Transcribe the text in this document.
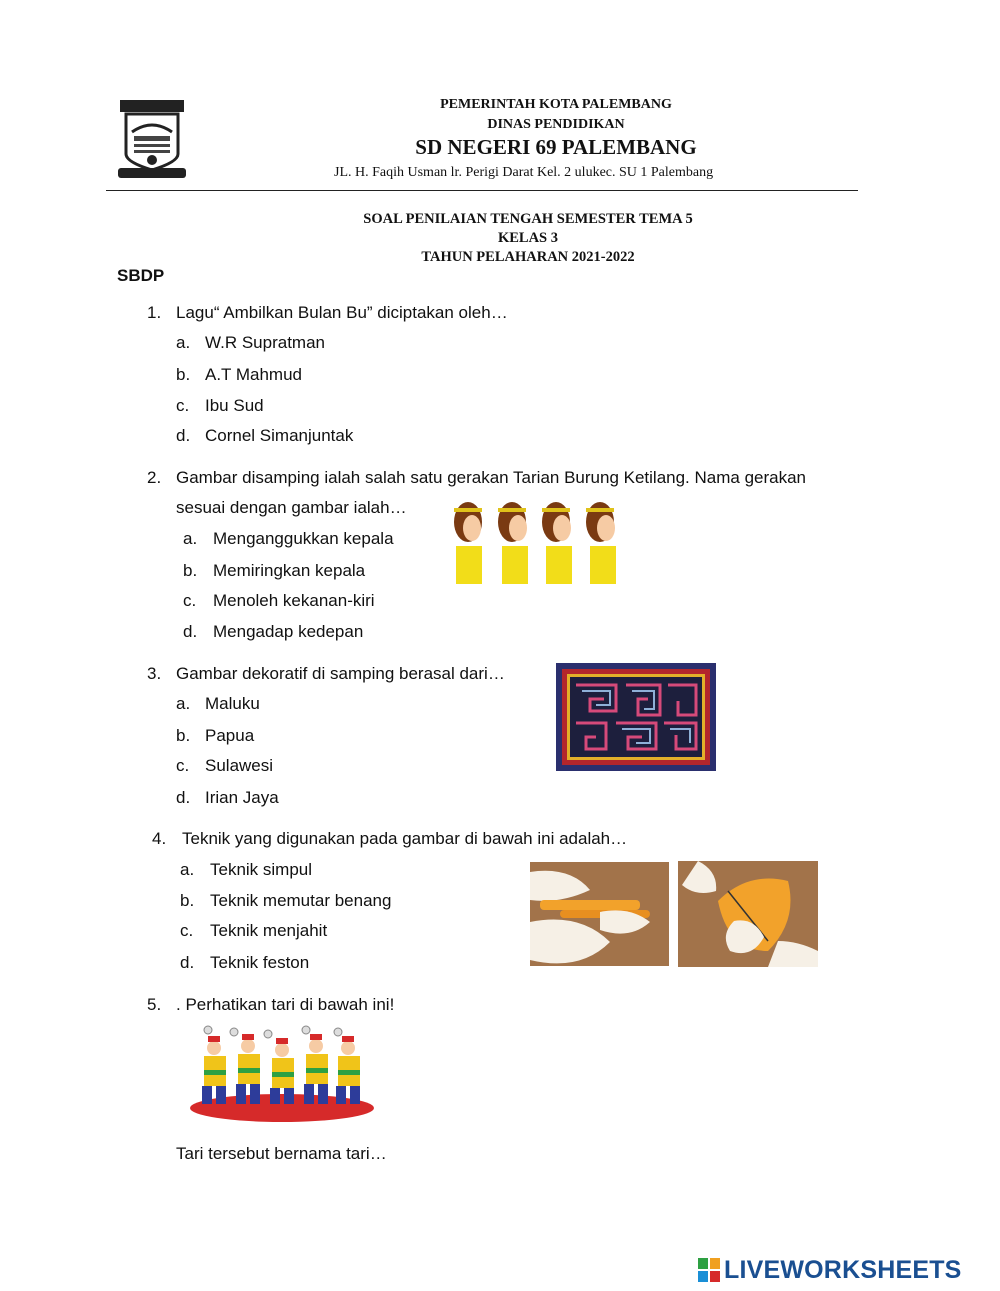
PEMERINTAH KOTA PALEMBANG
DINAS PENDIDIKAN
SD NEGERI 69 PALEMBANG
JL. H. Faqih Usman lr. Perigi Darat Kel. 2 ulukec. SU 1 Palembang
SOAL PENILAIAN TENGAH SEMESTER TEMA 5
KELAS 3
TAHUN PELAHARAN 2021-2022
SBDP
1. Lagu“ Ambilkan Bulan Bu” diciptakan oleh…
a. W.R Supratman
b. A.T Mahmud
c. Ibu Sud
d. Cornel Simanjuntak
2. Gambar disamping ialah salah satu gerakan Tarian Burung Ketilang. Nama gerakan
sesuai dengan gambar ialah…
a. Menganggukkan kepala
b. Memiringkan kepala
c. Menoleh kekanan-kiri
d. Mengadap kedepan
3. Gambar dekoratif di samping berasal dari…
a. Maluku
b. Papua
c. Sulawesi
d. Irian Jaya
4. Teknik yang digunakan pada gambar di bawah ini adalah…
a. Teknik simpul
b. Teknik memutar benang
c. Teknik menjahit
d. Teknik feston
5. . Perhatikan tari di bawah ini!
Tari tersebut bernama tari…
LIVEWORKSHEETS
